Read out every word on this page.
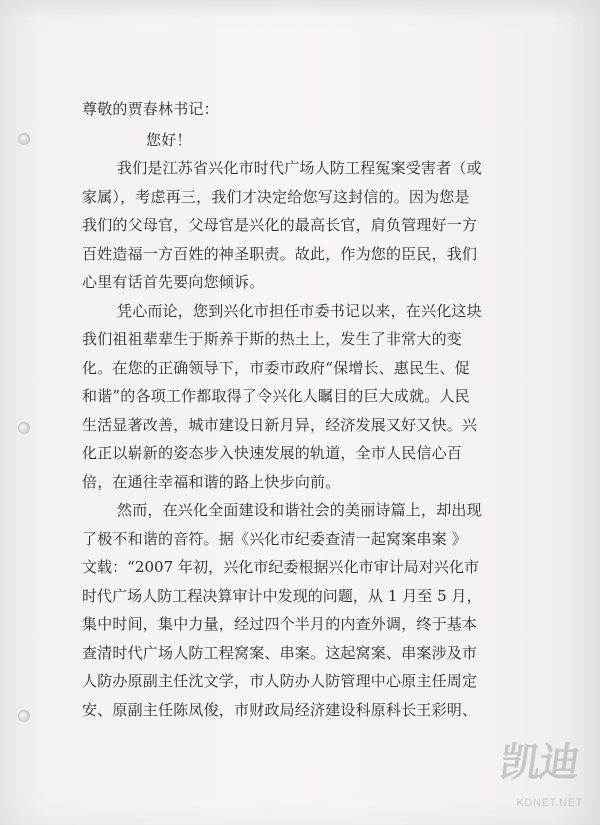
尊敬的贾春林书记：
您好！
我们是江苏省兴化市时代广场人防工程冤案受害者（或
家属），考虑再三，我们才决定给您写这封信的。因为您是
我们的父母官，父母官是兴化的最高长官，肩负管理好一方
百姓造福一方百姓的神圣职责。故此，作为您的臣民，我们
心里有话首先要向您倾诉。
凭心而论，您到兴化市担任市委书记以来，在兴化这块
我们祖祖辈辈生于斯养于斯的热土上，发生了非常大的变
化。在您的正确领导下，市委市政府“保增长、惠民生、促
和谐”的各项工作都取得了令兴化人瞩目的巨大成就。人民
生活显著改善，城市建设日新月异，经济发展又好又快。兴
化正以崭新的姿态步入快速发展的轨道，全市人民信心百
倍，在通往幸福和谐的路上快步向前。
然而，在兴化全面建设和谐社会的美丽诗篇上，却出现
了极不和谐的音符。据《兴化市纪委查清一起窝案串案 》
文载：“2007 年初，兴化市纪委根据兴化市审计局对兴化市
时代广场人防工程决算审计中发现的问题，从 1 月至 5 月，
集中时间，集中力量，经过四个半月的内查外调，终于基本
查清时代广场人防工程窝案、串案。这起窝案、串案涉及市
人防办原副主任沈文学，市人防办人防管理中心原主任周定
安、原副主任陈凤俊，市财政局经济建设科原科长王彩明、
凯迪
KDNET.NET
